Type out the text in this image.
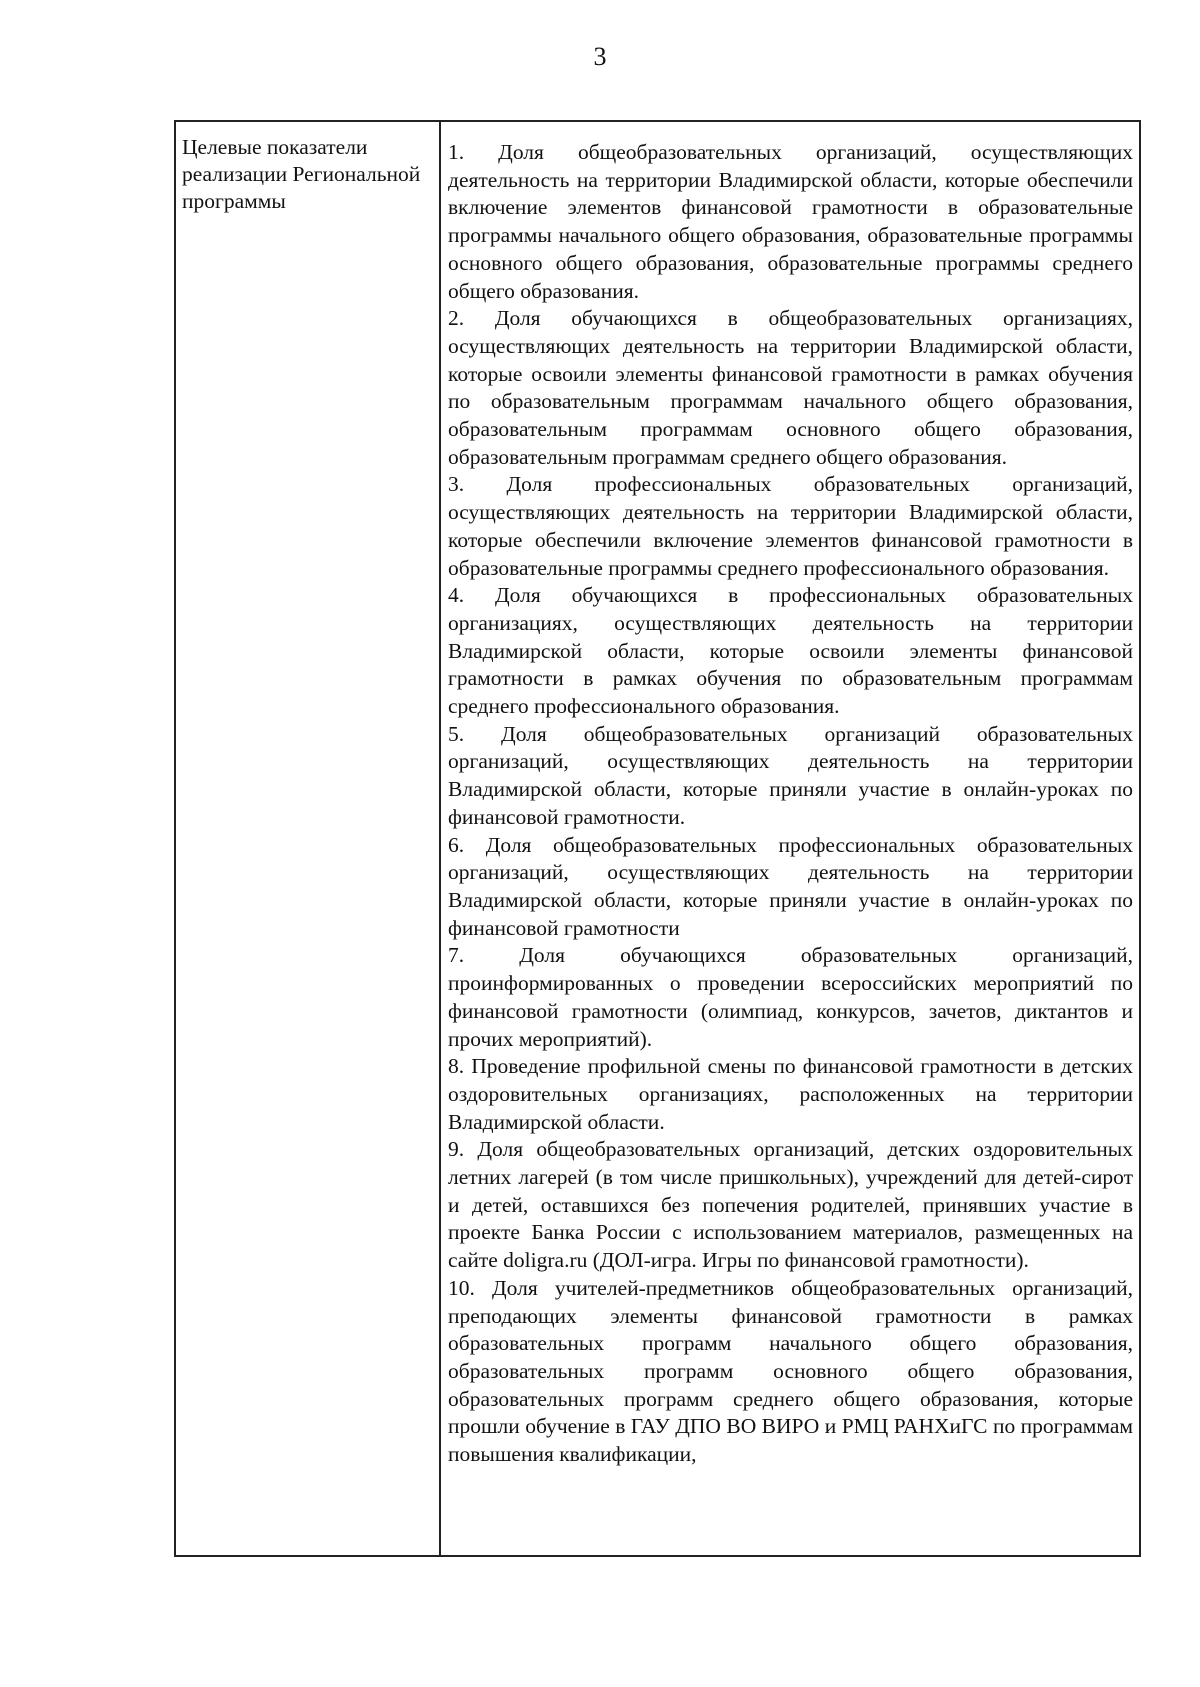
3

Целевые показатели реализации Региональной программы

1. Доля общеобразовательных организаций, осуществляющих деятельность на территории Владимирской области, которые обеспечили включение элементов финансовой грамотности в образовательные программы начального общего образования, образовательные программы основного общего образования, образовательные программы среднего общего образования.

2. Доля обучающихся в общеобразовательных организациях, осуществляющих деятельность на территории Владимирской области, которые освоили элементы финансовой грамотности в рамках обучения по образовательным программам начального общего образования, образовательным программам основного общего образования, образовательным программам среднего общего образования.

3. Доля профессиональных образовательных организаций, осуществляющих деятельность на территории Владимирской области, которые обеспечили включение элементов финансовой грамотности в образовательные программы среднего профессионального образования.

4. Доля обучающихся в профессиональных образовательных организациях, осуществляющих деятельность на территории Владимирской области, которые освоили элементы финансовой грамотности в рамках обучения по образовательным программам среднего профессионального образования.

5. Доля общеобразовательных организаций образовательных организаций, осуществляющих деятельность на территории Владимирской области, которые приняли участие в онлайн-уроках по финансовой грамотности.

6. Доля общеобразовательных профессиональных образовательных организаций, осуществляющих деятельность на территории Владимирской области, которые приняли участие в онлайн-уроках по финансовой грамотности

7. Доля обучающихся образовательных организаций, проинформированных о проведении всероссийских мероприятий по финансовой грамотности (олимпиад, конкурсов, зачетов, диктантов и прочих мероприятий).

8. Проведение профильной смены по финансовой грамотности в детских оздоровительных организациях, расположенных на территории Владимирской области.

9. Доля общеобразовательных организаций, детских оздоровительных летних лагерей (в том числе пришкольных), учреждений для детей-сирот и детей, оставшихся без попечения родителей, принявших участие в проекте Банка России с использованием материалов, размещенных на сайте doligra.ru (ДОЛ-игра. Игры по финансовой грамотности).

10. Доля учителей-предметников общеобразовательных организаций, преподающих элементы финансовой грамотности в рамках образовательных программ начального общего образования, образовательных программ основного общего образования, образовательных программ среднего общего образования, которые прошли обучение в ГАУ ДПО ВО ВИРО и РМЦ РАНХиГС по программам повышения квалификации,
